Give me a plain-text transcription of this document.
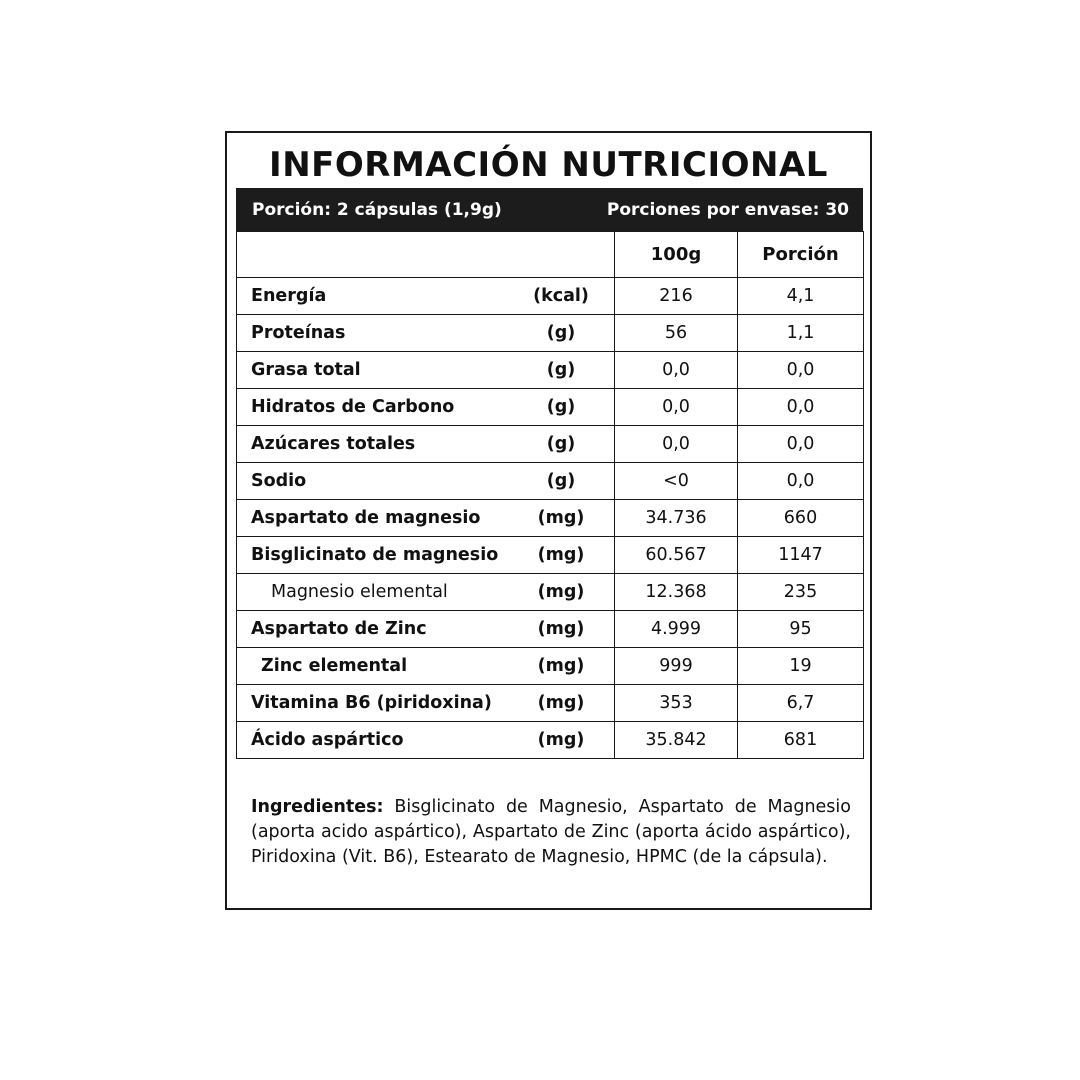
INFORMACIÓN NUTRICIONAL
Porción: 2 cápsulas (1,9g)	Porciones por envase: 30
	100g	Porción

Energía (kcal)	216	4,1

Proteínas (g)	56	1,1

Grasa total (g)	0,0	0,0

Hidratos de Carbono (g)	0,0	0,0

Azúcares totales (g)	0,0	0,0

Sodio (g)	<0	0,0

Aspartato de magnesio (mg)	34.736	660

Bisglicinato de magnesio (mg)	60.567	1147

Magnesio elemental (mg)	12.368	235

Aspartato de Zinc (mg)	4.999	95

Zinc elemental (mg)	999	19

Vitamina B6 (piridoxina) (mg)	353	6,7

Ácido aspártico (mg)	35.842	681
Ingredientes: Bisglicinato de Magnesio, Aspartato de Magnesio (aporta acido aspártico), Aspartato de Zinc (aporta ácido aspártico), Piridoxina (Vit. B6), Estearato de Magnesio, HPMC (de la cápsula).
